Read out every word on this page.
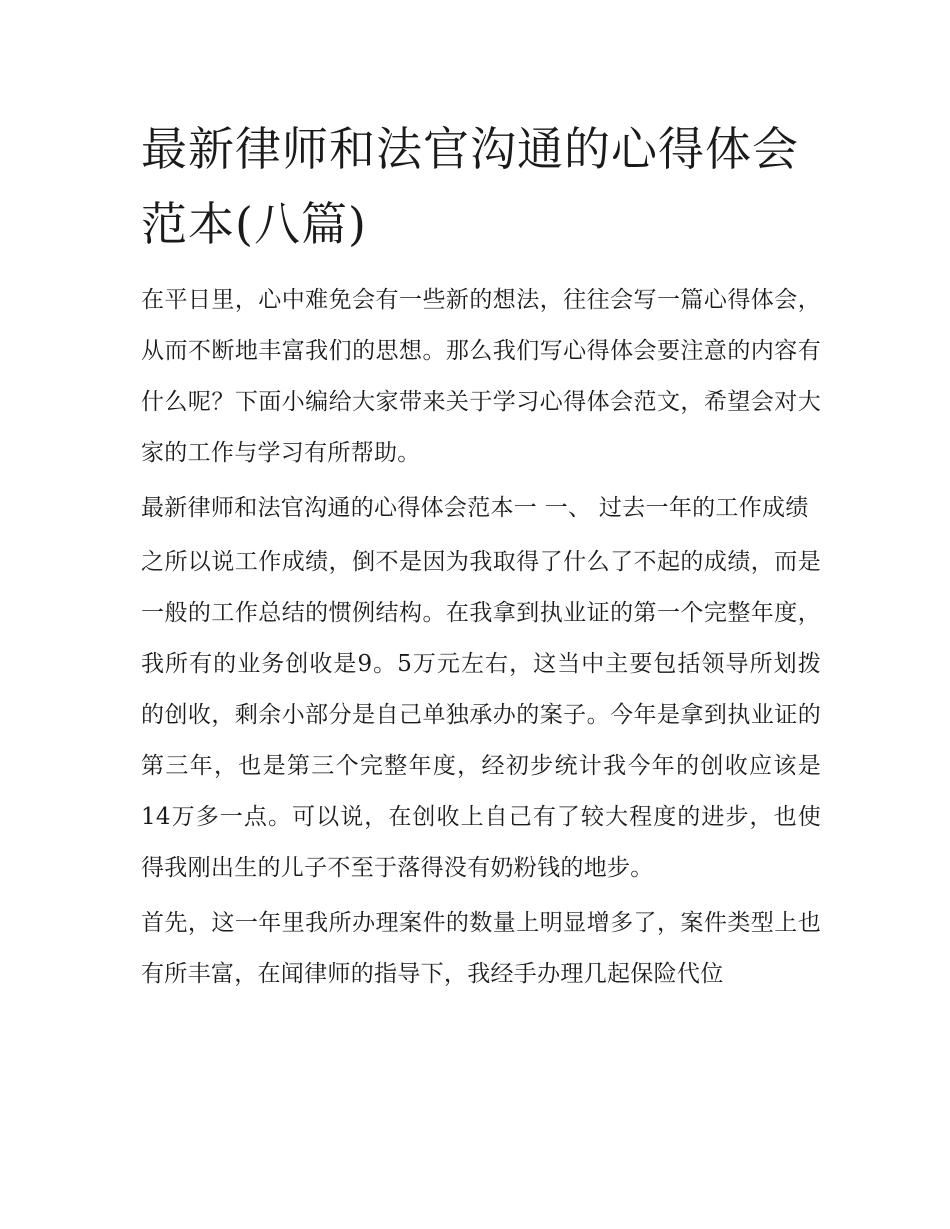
最新律师和法官沟通的心得体会范本(八篇)

在平日里，心中难免会有一些新的想法，往往会写一篇心得体会，从而不断地丰富我们的思想。那么我们写心得体会要注意的内容有什么呢？下面小编给大家带来关于学习心得体会范文，希望会对大家的工作与学习有所帮助。

最新律师和法官沟通的心得体会范本一 一、 过去一年的工作成绩

之所以说工作成绩，倒不是因为我取得了什么了不起的成绩，而是一般的工作总结的惯例结构。在我拿到执业证的第一个完整年度，我所有的业务创收是9。5万元左右，这当中主要包括领导所划拨的创收，剩余小部分是自己单独承办的案子。今年是拿到执业证的第三年，也是第三个完整年度，经初步统计我今年的创收应该是14万多一点。可以说，在创收上自己有了较大程度的进步，也使得我刚出生的儿子不至于落得没有奶粉钱的地步。

首先，这一年里我所办理案件的数量上明显增多了，案件类型上也有所丰富，在闻律师的指导下，我经手办理几起保险代位
